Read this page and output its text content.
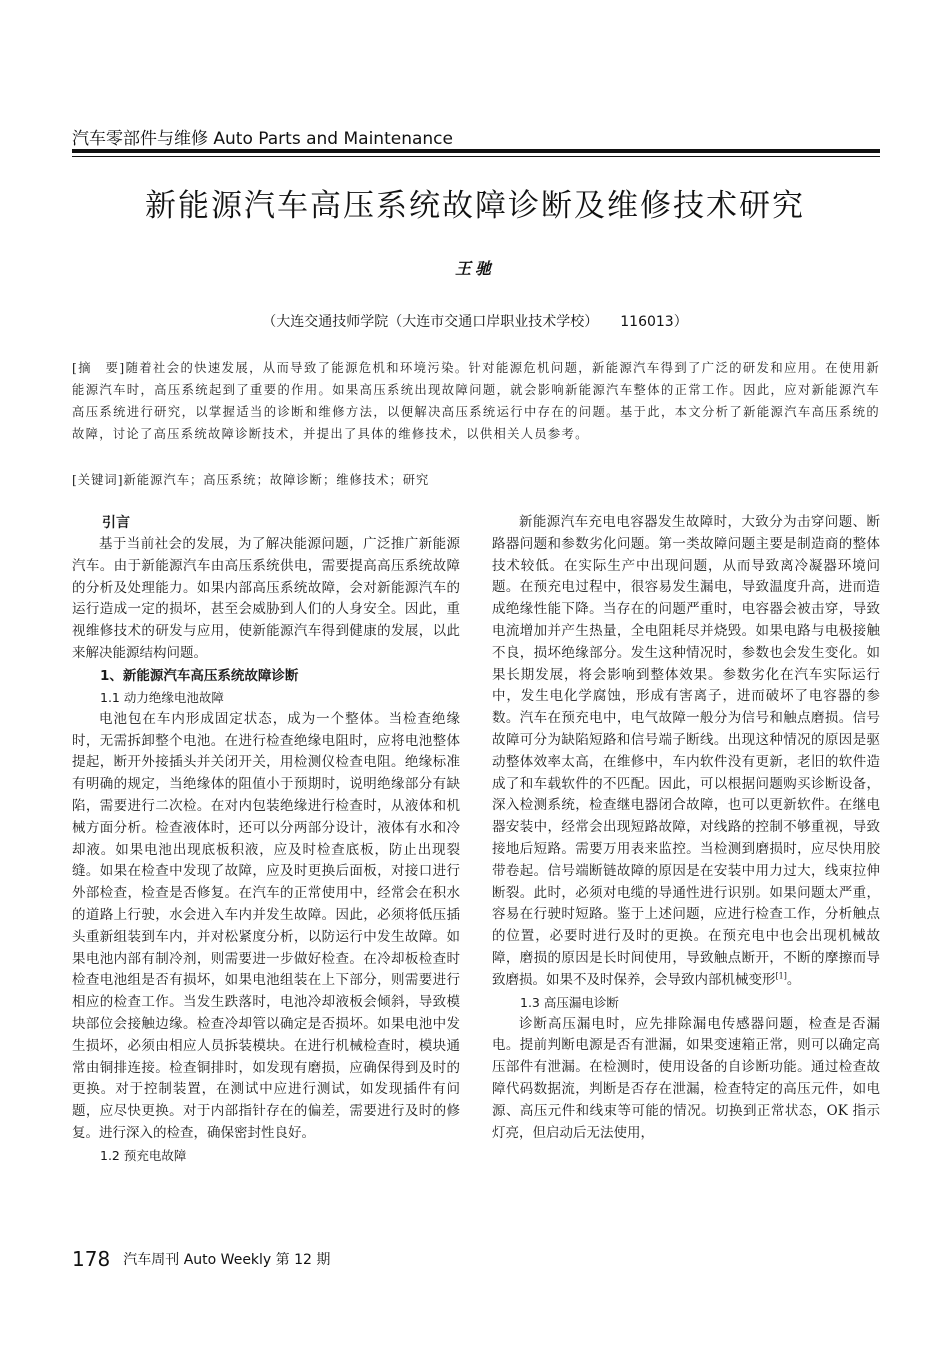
汽车零部件与维修 Auto Parts and Maintenance
新能源汽车高压系统故障诊断及维修技术研究
王驰
（大连交通技师学院（大连市交通口岸职业技术学校） 116013）
[摘　要]随着社会的快速发展，从而导致了能源危机和环境污染。针对能源危机问题，新能源汽车得到了广泛的研发和应用。在使用新能源汽车时，高压系统起到了重要的作用。如果高压系统出现故障问题，就会影响新能源汽车整体的正常工作。因此，应对新能源汽车高压系统进行研究，以掌握适当的诊断和维修方法，以便解决高压系统运行中存在的问题。基于此，本文分析了新能源汽车高压系统的故障，讨论了高压系统故障诊断技术，并提出了具体的维修技术，以供相关人员参考。
[关键词]新能源汽车；高压系统；故障诊断；维修技术；研究
引言

基于当前社会的发展，为了解决能源问题，广泛推广新能源汽车。由于新能源汽车由高压系统供电，需要提高高压系统故障的分析及处理能力。如果内部高压系统故障，会对新能源汽车的运行造成一定的损坏，甚至会威胁到人们的人身安全。因此，重视维修技术的研发与应用，使新能源汽车得到健康的发展，以此来解决能源结构问题。

1、新能源汽车高压系统故障诊断
1.1 动力绝缘电池故障

电池包在车内形成固定状态，成为一个整体。当检查绝缘时，无需拆卸整个电池。在进行检查绝缘电阻时，应将电池整体提起，断开外接插头并关闭开关，用检测仪检查电阻。绝缘标准有明确的规定，当绝缘体的阻值小于预期时，说明绝缘部分有缺陷，需要进行二次检。在对内包装绝缘进行检查时，从液体和机械方面分析。检查液体时，还可以分两部分设计，液体有水和冷却液。如果电池出现底板积液，应及时检查底板，防止出现裂缝。如果在检查中发现了故障，应及时更换后面板，对接口进行外部检查，检查是否修复。在汽车的正常使用中，经常会在积水的道路上行驶，水会进入车内并发生故障。因此，必须将低压插头重新组装到车内，并对松紧度分析，以防运行中发生故障。如果电池内部有制冷剂，则需要进一步做好检查。在冷却板检查时检查电池组是否有损坏，如果电池组装在上下部分，则需要进行相应的检查工作。当发生跌落时，电池冷却液板会倾斜，导致模块部位会接触边缘。检查冷却管以确定是否损坏。如果电池中发生损坏，必须由相应人员拆装模块。在进行机械检查时，模块通常由铜排连接。检查铜排时，如发现有磨损，应确保得到及时的更换。对于控制装置，在测试中应进行测试，如发现插件有问题，应尽快更换。对于内部指针存在的偏差，需要进行及时的修复。进行深入的检查，确保密封性良好。

1.2 预充电故障

新能源汽车充电电容器发生故障时，大致分为击穿问题、断路器问题和参数劣化问题。第一类故障问题主要是制造商的整体技术较低。在实际生产中出现问题，从而导致离冷凝器环境问题。在预充电过程中，很容易发生漏电，导致温度升高，进而造成绝缘性能下降。当存在的问题严重时，电容器会被击穿，导致电流增加并产生热量，全电阻耗尽并烧毁。如果电路与电极接触不良，损坏绝缘部分。发生这种情况时，参数也会发生变化。如果长期发展，将会影响到整体效果。参数劣化在汽车实际运行中，发生电化学腐蚀，形成有害离子，进而破坏了电容器的参数。汽车在预充电中，电气故障一般分为信号和触点磨损。信号故障可分为缺陷短路和信号端子断线。出现这种情况的原因是驱动整体效率太高，在维修中，车内软件没有更新，老旧的软件造成了和车载软件的不匹配。因此，可以根据问题购买诊断设备，深入检测系统，检查继电器闭合故障，也可以更新软件。在继电器安装中，经常会出现短路故障，对线路的控制不够重视，导致接地后短路。需要万用表来监控。当检测到磨损时，应尽快用胶带卷起。信号端断链故障的原因是在安装中用力过大，线束拉伸断裂。此时，必须对电缆的导通性进行识别。如果问题太严重，容易在行驶时短路。鉴于上述问题，应进行检查工作，分析触点的位置，必要时进行及时的更换。在预充电中也会出现机械故障，磨损的原因是长时间使用，导致触点断开，不断的摩擦而导致磨损。如果不及时保养，会导致内部机械变形[1]。

1.3 高压漏电诊断

诊断高压漏电时，应先排除漏电传感器问题，检查是否漏电。提前判断电源是否有泄漏，如果变速箱正常，则可以确定高压部件有泄漏。在检测时，使用设备的自诊断功能。通过检查故障代码数据流，判断是否存在泄漏，检查特定的高压元件，如电源、高压元件和线束等可能的情况。切换到正常状态，OK 指示灯亮，但启动后无法使用，

178 汽车周刊 Auto Weekly 第 12 期
